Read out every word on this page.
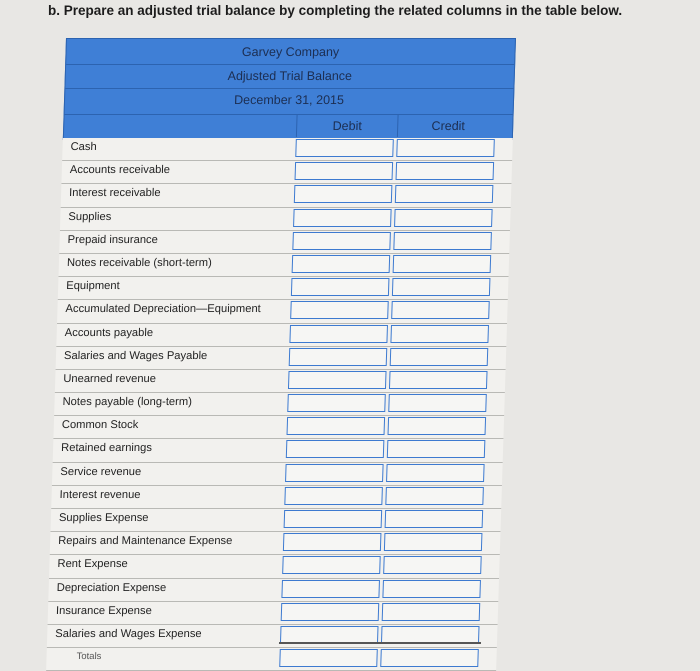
b. Prepare an adjusted trial balance by completing the related columns in the table below.
Garvey Company
Adjusted Trial Balance
December 31, 2015
Debit	Credit
Cash
Accounts receivable
Interest receivable
Supplies
Prepaid insurance
Notes receivable (short-term)
Equipment
Accumulated Depreciation—Equipment
Accounts payable
Salaries and Wages Payable
Unearned revenue
Notes payable (long-term)
Common Stock
Retained earnings
Service revenue
Interest revenue
Supplies Expense
Repairs and Maintenance Expense
Rent Expense
Depreciation Expense
Insurance Expense
Salaries and Wages Expense
Totals
